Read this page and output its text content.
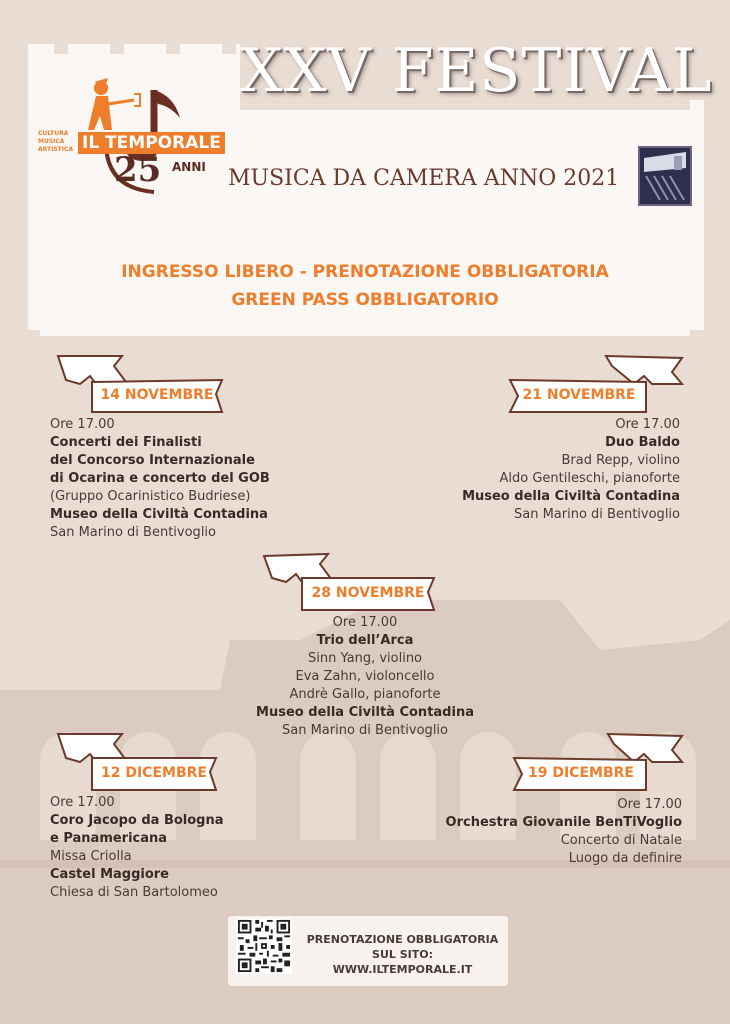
XXV FESTIVAL
CULTURA MUSICA ARTISTICA IL TEMPORALE
25 ANNI MUSICA DA CAMERA ANNO 2021
INGRESSO LIBERO - PRENOTAZIONE OBBLIGATORIA
GREEN PASS OBBLIGATORIO
14 NOVEMBRE
Ore 17.00
Concerti dei Finalisti
del Concorso Internazionale
di Ocarina e concerto del GOB
(Gruppo Ocarinistico Budriese)
Museo della Civiltà Contadina
San Marino di Bentivoglio
21 NOVEMBRE
Ore 17.00
Duo Baldo
Brad Repp, violino
Aldo Gentileschi, pianoforte
Museo della Civiltà Contadina
San Marino di Bentivoglio
28 NOVEMBRE
Ore 17.00
Trio dell’Arca
Sinn Yang, violino
Eva Zahn, violoncello
Andrè Gallo, pianoforte
Museo della Civiltà Contadina
San Marino di Bentivoglio
12 DICEMBRE
Ore 17.00
Coro Jacopo da Bologna
e Panamericana
Missa Criolla
Castel Maggiore
Chiesa di San Bartolomeo
19 DICEMBRE
Ore 17.00
Orchestra Giovanile BenTiVoglio
Concerto di Natale
Luogo da definire
PRENOTAZIONE OBBLIGATORIA
SUL SITO:
WWW.ILTEMPORALE.IT
